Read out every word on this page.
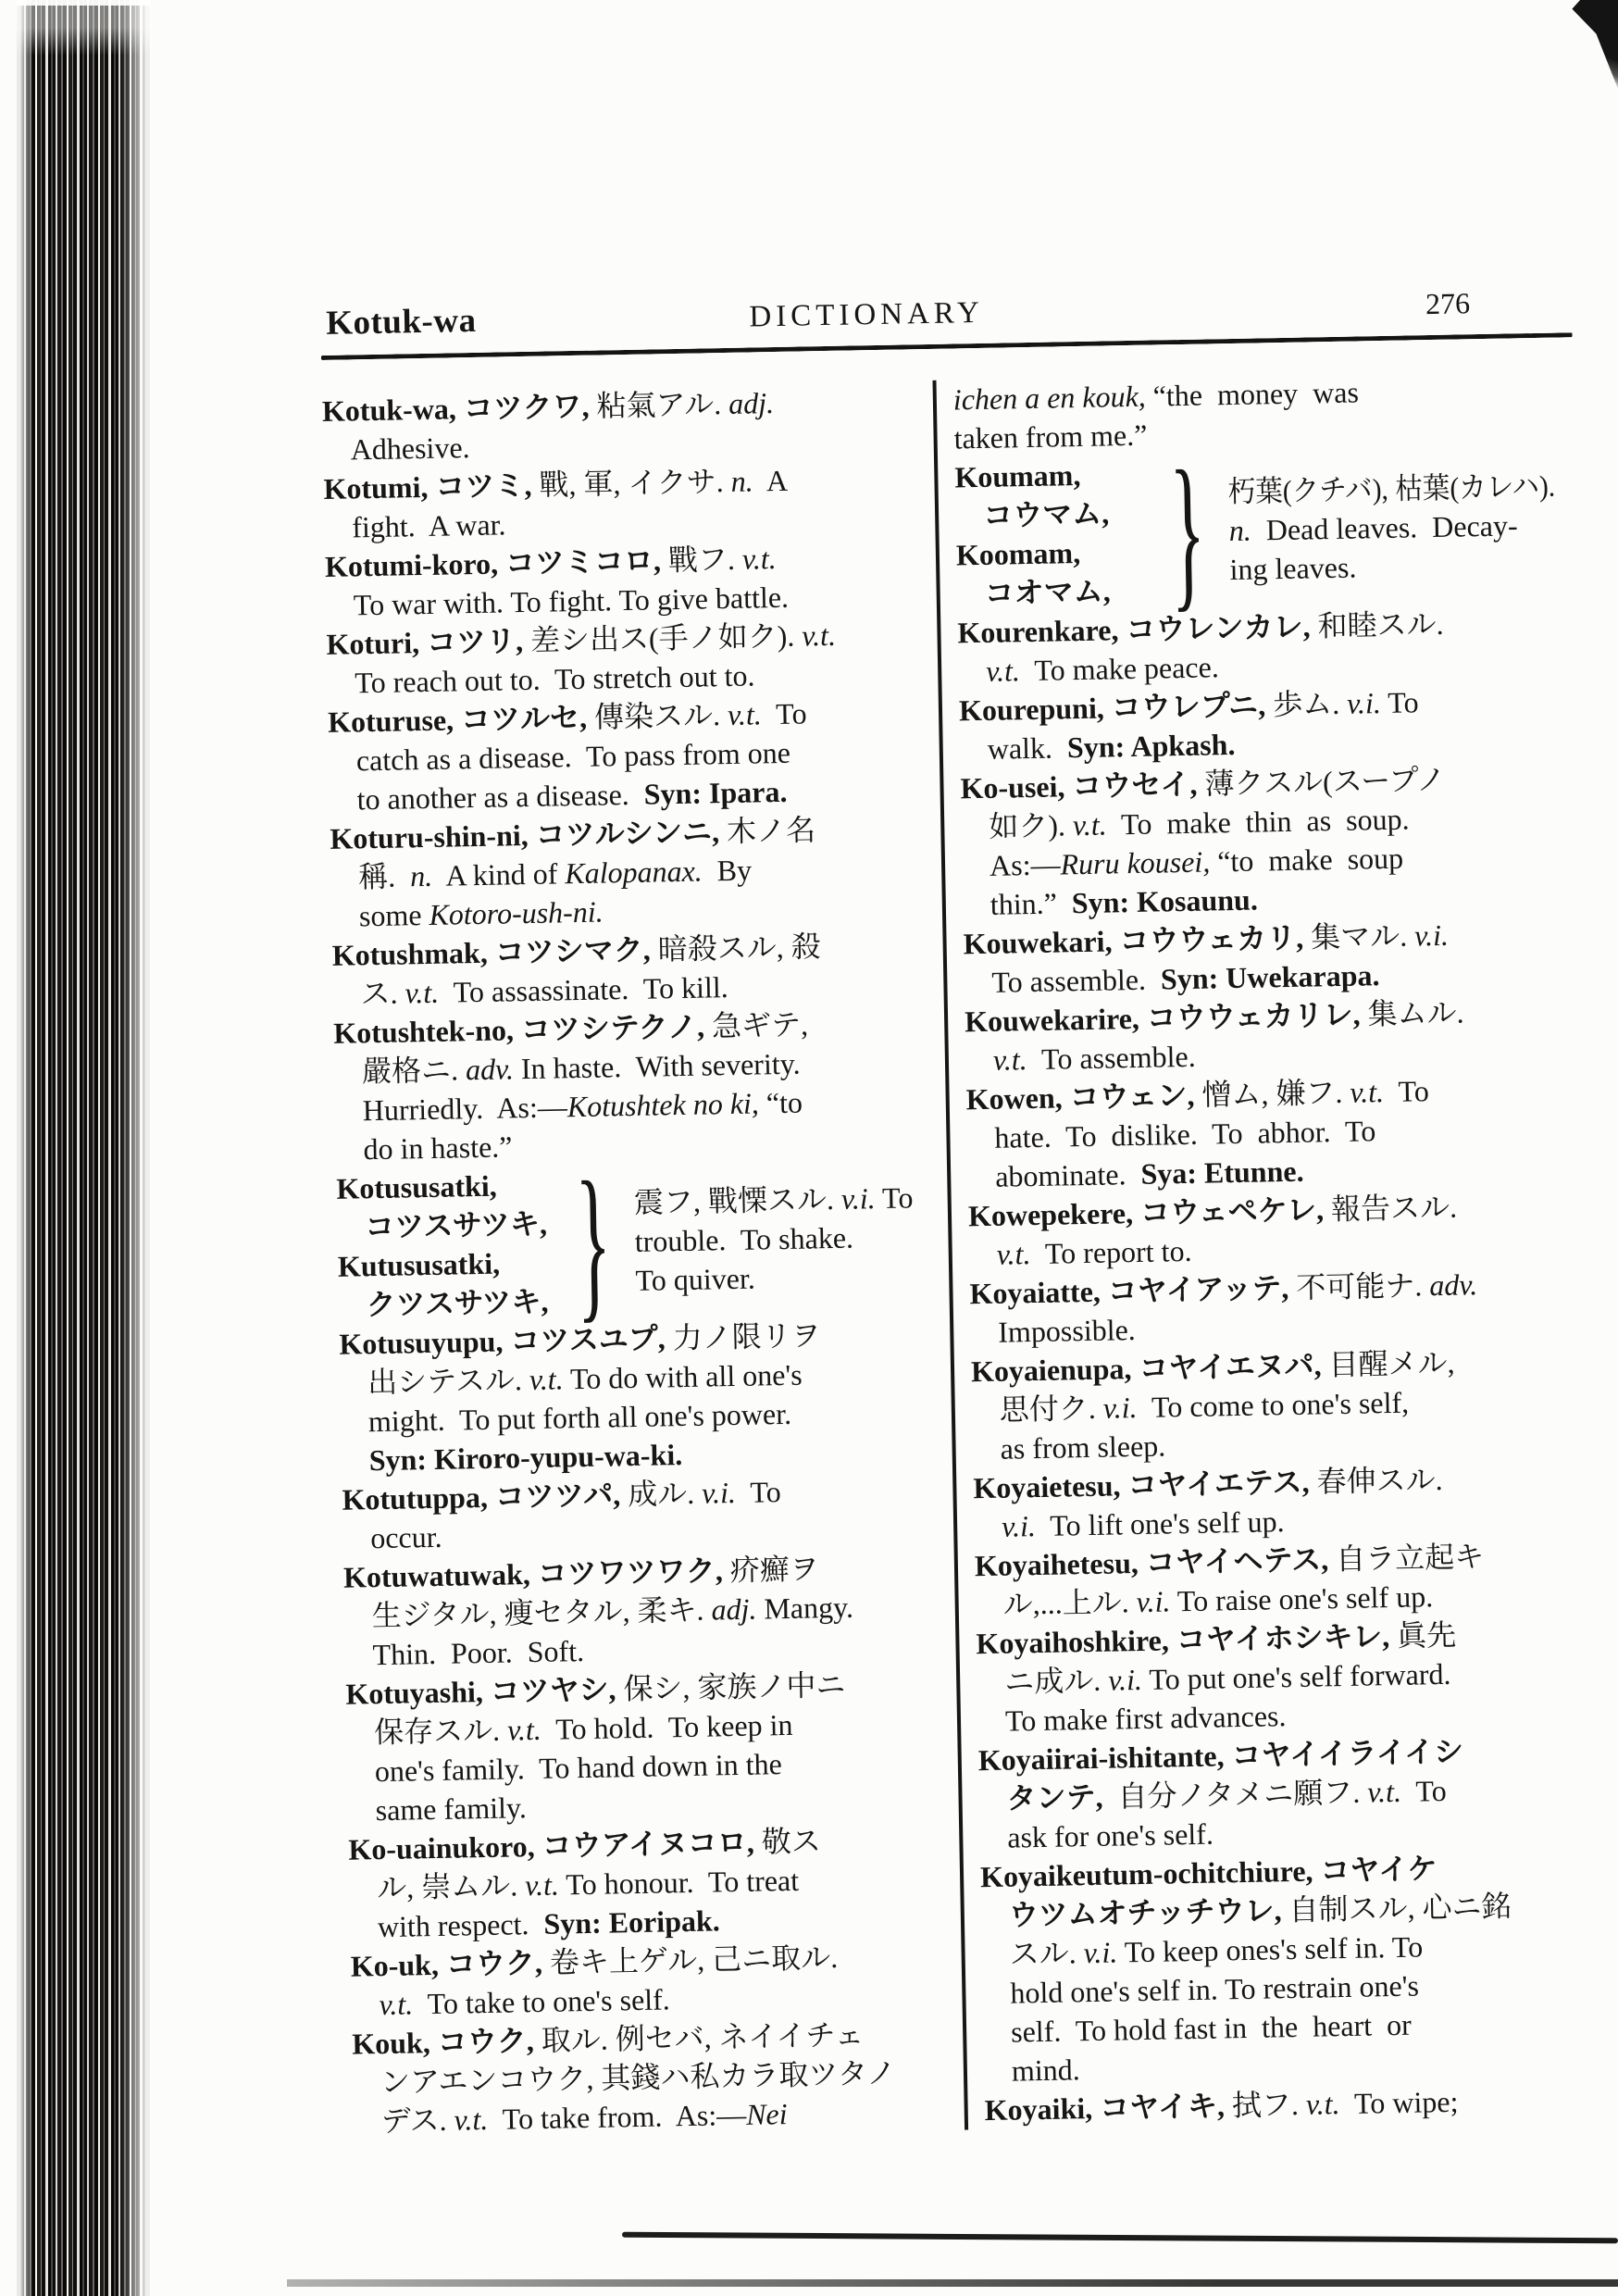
Kotuk-wa	DICTIONARY	276
Kotuk-wa, コツクワ, 粘氣アル. adj.
Adhesive.
Kotumi, コツミ, 戰, 軍, イクサ. n.  A
fight.  A war.
Kotumi-koro, コツミコロ, 戰フ. v.t.
To war with. To fight. To give battle.
Koturi, コツリ, 差シ出ス(手ノ如ク). v.t.
To reach out to.  To stretch out to.
Koturuse, コツルセ, 傳染スル. v.t.  To
catch as a disease.  To pass from one
to another as a disease.  Syn: Ipara.
Koturu-shin-ni, コツルシンニ, 木ノ名
稱.  n.  A kind of Kalopanax.  By
some Kotoro-ush-ni.
Kotushmak, コツシマク, 暗殺スル, 殺
ス. v.t.  To assassinate.  To kill.
Kotushtek-no, コツシテクノ, 急ギテ,
嚴格ニ. adv. In haste.  With severity.
Hurriedly.  As:—Kotushtek no ki, “to
do in haste.”
Kotususatki,
コツスサツキ,
Kutususatki,
クツスサツキ, } 震フ, 戰慄スル. v.i. To
trouble.  To shake.
To quiver.
Kotusuyupu, コツスユプ, 力ノ限リヲ
出シテスル. v.t. To do with all one's
might.  To put forth all one's power.
Syn: Kiroro-yupu-wa-ki.
Kotutuppa, コツツパ, 成ル. v.i.  To
occur.
Kotuwatuwak, コツワツワク, 疥癬ヲ
生ジタル, 痩セタル, 柔キ. adj. Mangy.
Thin.  Poor.  Soft.
Kotuyashi, コツヤシ, 保シ, 家族ノ中ニ
保存スル. v.t.  To hold.  To keep in
one's family.  To hand down in the
same family.
Ko-uainukoro, コウアイヌコロ, 敬ス
ル, 崇ムル. v.t. To honour.  To treat
with respect.  Syn: Eoripak.
Ko-uk, コウク, 卷キ上ゲル, 己ニ取ル.
v.t.  To take to one's self.
Kouk, コウク, 取ル. 例セバ, ネイイチェ
ンアエンコウク, 其錢ハ私カラ取ツタノ
デス. v.t.  To take from.  As:—Nei
ichen a en kouk, “the  money  was
taken from me.”
Koumam,
コウマム,
Koomam,
コオマム, } 朽葉(クチバ), 枯葉(カレハ).
n.  Dead leaves.  Decay-
ing leaves.
Kourenkare, コウレンカレ, 和睦スル.
v.t.  To make peace.
Kourepuni, コウレプニ, 歩ム. v.i. To
walk.  Syn: Apkash.
Ko-usei, コウセイ, 薄クスル(スープノ
如ク). v.t.  To  make  thin  as  soup.
As:—Ruru kousei, “to  make  soup
thin.”  Syn: Kosaunu.
Kouwekari, コウウェカリ, 集マル. v.i.
To assemble.  Syn: Uwekarapa.
Kouwekarire, コウウェカリレ, 集ムル.
v.t.  To assemble.
Kowen, コウェン, 憎ム, 嫌フ. v.t.  To
hate.  To  dislike.  To  abhor.  To
abominate.  Sya: Etunne.
Kowepekere, コウェペケレ, 報告スル.
v.t.  To report to.
Koyaiatte, コヤイアッテ, 不可能ナ. adv.
Impossible.
Koyaienupa, コヤイエヌパ, 目醒メル,
思付ク. v.i.  To come to one's self,
as from sleep.
Koyaietesu, コヤイエテス, 春伸スル.
v.i.  To lift one's self up.
Koyaihetesu, コヤイヘテス, 自ラ立起キ
ル,...上ル. v.i. To raise one's self up.
Koyaihoshkire, コヤイホシキレ, 眞先
ニ成ル. v.i. To put one's self forward.
To make first advances.
Koyaiirai-ishitante, コヤイイライイシ
タンテ,  自分ノタメニ願フ. v.t.  To
ask for one's self.
Koyaikeutum-ochitchiure, コヤイケ
ウツムオチッチウレ, 自制スル, 心ニ銘
スル. v.i. To keep ones's self in. To
hold one's self in. To restrain one's
self.  To hold fast in  the  heart  or
mind.
Koyaiki, コヤイキ, 拭フ. v.t.  To wipe;
